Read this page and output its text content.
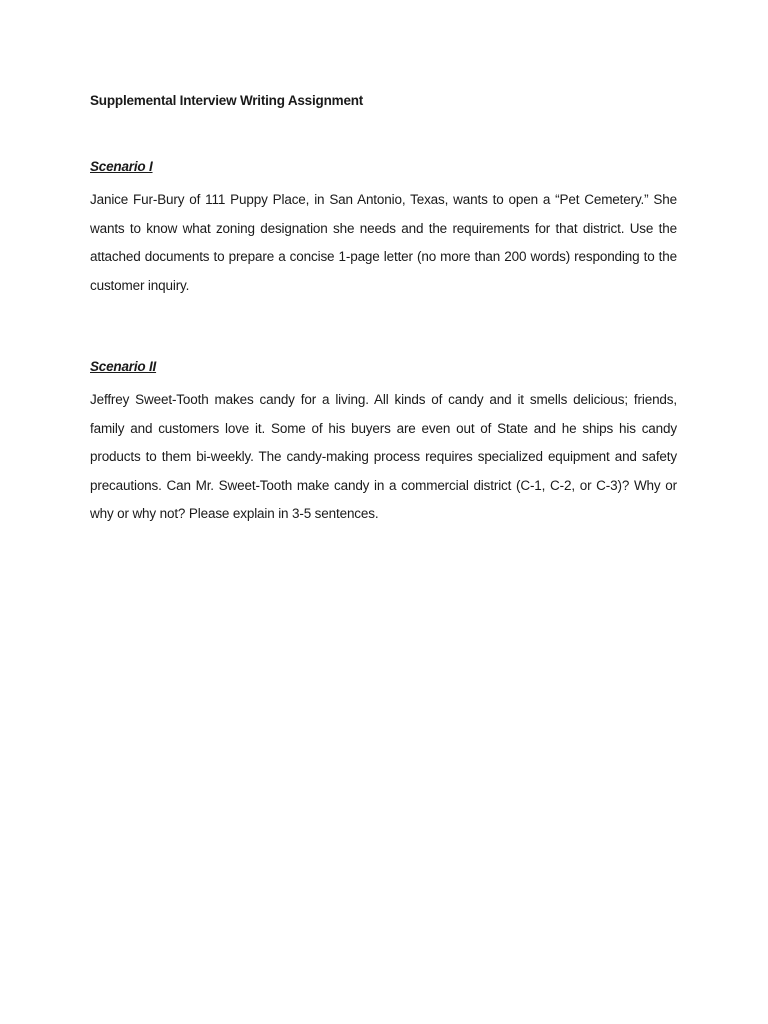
Supplemental Interview Writing Assignment
Scenario I

Janice Fur-Bury of 111 Puppy Place, in San Antonio, Texas, wants to open a “Pet Cemetery.” She wants to know what zoning designation she needs and the requirements for that district. Use the attached documents to prepare a concise 1-page letter (no more than 200 words) responding to the customer inquiry.

Scenario II

Jeffrey Sweet-Tooth makes candy for a living. All kinds of candy and it smells delicious; friends, family and customers love it. Some of his buyers are even out of State and he ships his candy products to them bi-weekly. The candy-making process requires specialized equipment and safety precautions. Can Mr. Sweet-Tooth make candy in a commercial district (C-1, C-2, or C-3)? Why or why or why not? Please explain in 3-5 sentences.
